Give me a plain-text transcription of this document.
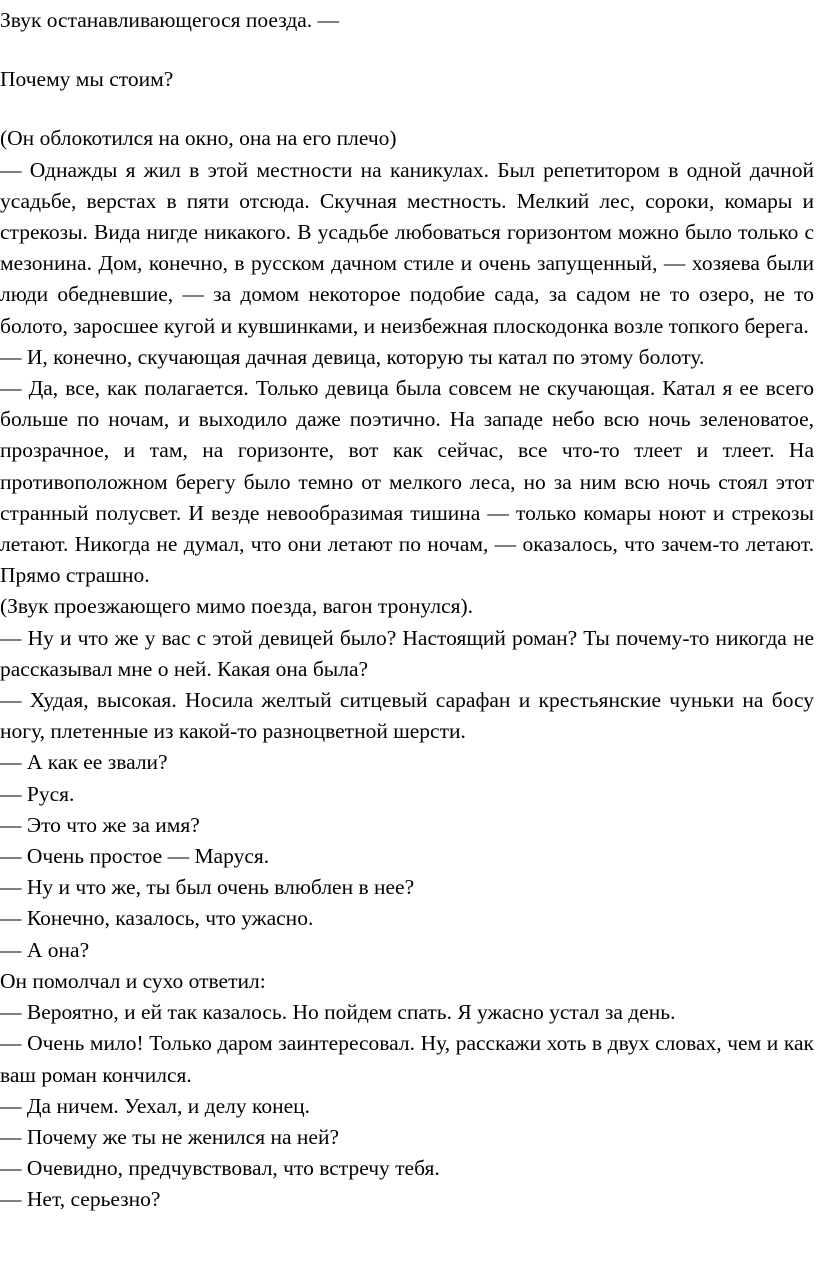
Звук останавливающегося поезда. —

Почему мы стоим?

(Он облокотился на окно, она на его плечо)

— Однажды я жил в этой местности на каникулах. Был репетитором в одной дачной усадьбе, верстах в пяти отсюда. Скучная местность. Мелкий лес, сороки, комары и стрекозы. Вида нигде никакого. В усадьбе любоваться горизонтом можно было только с мезонина. Дом, конечно, в русском дачном стиле и очень запущенный, — хозяева были люди обедневшие, — за домом некоторое подобие сада, за садом не то озеро, не то болото, заросшее кугой и кувшинками, и неизбежная плоскодонка возле топкого берега.

— И, конечно, скучающая дачная девица, которую ты катал по этому болоту.

— Да, все, как полагается. Только девица была совсем не скучающая. Катал я ее всего больше по ночам, и выходило даже поэтично. На западе небо всю ночь зеленоватое, прозрачное, и там, на горизонте, вот как сейчас, все что-то тлеет и тлеет. На противоположном берегу было темно от мелкого леса, но за ним всю ночь стоял этот странный полусвет. И везде невообразимая тишина — только комары ноют и стрекозы летают. Никогда не думал, что они летают по ночам, — оказалось, что зачем-то летают. Прямо страшно.

(Звук проезжающего мимо поезда, вагон тронулся).

— Ну и что же у вас с этой девицей было? Настоящий роман? Ты почему-то никогда не рассказывал мне о ней. Какая она была?

— Худая, высокая. Носила желтый ситцевый сарафан и крестьянские чуньки на босу ногу, плетенные из какой-то разноцветной шерсти.

— А как ее звали?

— Руся.

— Это что же за имя?

— Очень простое — Маруся.

— Ну и что же, ты был очень влюблен в нее?

— Конечно, казалось, что ужасно.

— А она?

Он помолчал и сухо ответил:

— Вероятно, и ей так казалось. Но пойдем спать. Я ужасно устал за день.

— Очень мило! Только даром заинтересовал. Ну, расскажи хоть в двух словах, чем и как ваш роман кончился.

— Да ничем. Уехал, и делу конец.

— Почему же ты не женился на ней?

— Очевидно, предчувствовал, что встречу тебя.

— Нет, серьезно?
